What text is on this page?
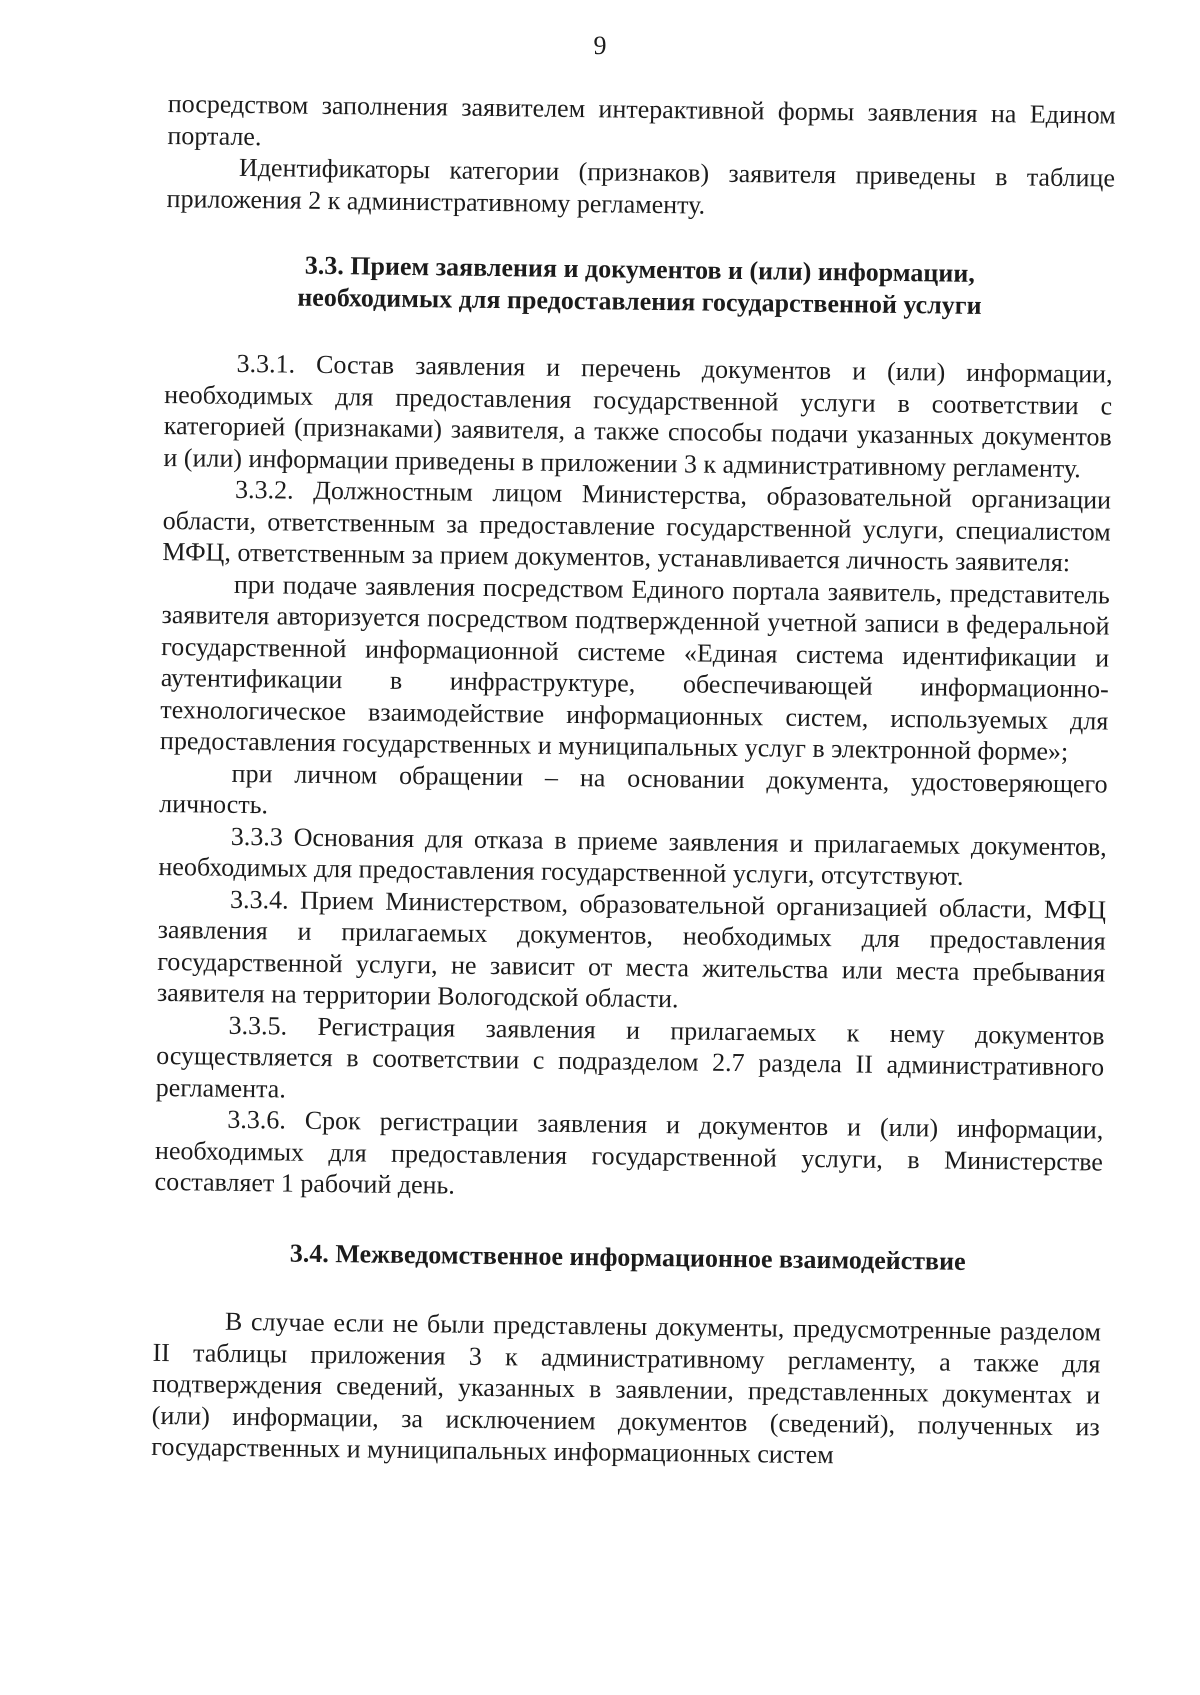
9

посредством заполнения заявителем интерактивной формы заявления на Едином портале.

Идентификаторы категории (признаков) заявителя приведены в таблице приложения 2 к административному регламенту.

3.3. Прием заявления и документов и (или) информации,
необходимых для предоставления государственной услуги

3.3.1. Состав заявления и перечень документов и (или) информации, необходимых для предоставления государственной услуги в соответствии с категорией (признаками) заявителя, а также способы подачи указанных документов и (или) информации приведены в приложении 3 к административному регламенту.

3.3.2. Должностным лицом Министерства, образовательной организации области, ответственным за предоставление государственной услуги, специалистом МФЦ, ответственным за прием документов, устанавливается личность заявителя:

при подаче заявления посредством Единого портала заявитель, представитель заявителя авторизуется посредством подтвержденной учетной записи в федеральной государственной информационной системе «Единая система идентификации и аутентификации в инфраструктуре, обеспечивающей информационно-технологическое взаимодействие информационных систем, используемых для предоставления государственных и муниципальных услуг в электронной форме»;

при личном обращении – на основании документа, удостоверяющего личность.

3.3.3 Основания для отказа в приеме заявления и прилагаемых документов, необходимых для предоставления государственной услуги, отсутствуют.

3.3.4. Прием Министерством, образовательной организацией области, МФЦ заявления и прилагаемых документов, необходимых для предоставления государственной услуги, не зависит от места жительства или места пребывания заявителя на территории Вологодской области.

3.3.5. Регистрация заявления и прилагаемых к нему документов осуществляется в соответствии с подразделом 2.7 раздела II административного регламента.

3.3.6. Срок регистрации заявления и документов и (или) информации, необходимых для предоставления государственной услуги, в Министерстве составляет 1 рабочий день.

3.4. Межведомственное информационное взаимодействие

В случае если не были представлены документы, предусмотренные разделом II таблицы приложения 3 к административному регламенту, а также для подтверждения сведений, указанных в заявлении, представленных документах и (или) информации, за исключением документов (сведений), полученных из государственных и муниципальных информационных систем
